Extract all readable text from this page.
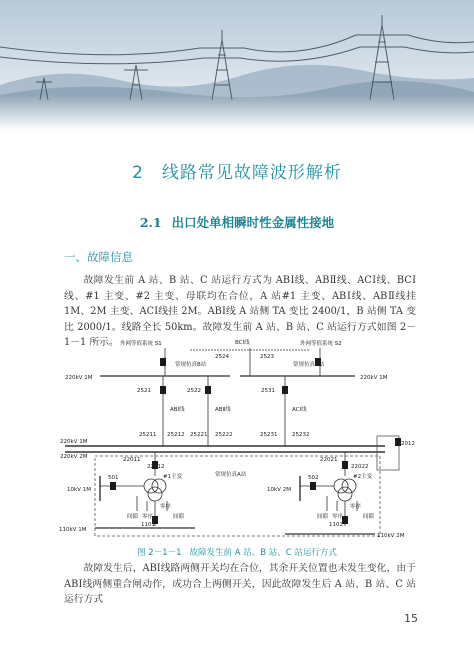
2 线路常见故障波形解析
2.1 出口处单相瞬时性金属性接地
一、故障信息
故障发生前 A 站、B 站、C 站运行方式为 ABⅠ线、ABⅡ线、ACⅠ线、BCⅠ线、#1 主变、#2 主变、母联均在合位，A 站#1 主变、ABⅠ线、ABⅡ线挂 1M、2M 主变、ACⅠ线挂 2M。ABⅠ线 A 站侧 TA 变比 2400/1，B 站侧 TA 变比 2000/1。线路全长 50km。故障发生前 A 站、B 站、C 站运行方式如图 2－1－1 所示。 外网等值系统 S1	外网等值系统 S2
BCⅠ线
常规仿真B站	常规仿真C站
2524	2523
220kV 1M	220kV 1M
2521	2522	2531
ABⅠ线	ABⅡ线	ACⅠ线
25211 25212 25221 25222	25231	25232
220kV 1M
220kV 2M
2012
22011
22012
22021
22022
常规仿真A站
10kV 1M	10kV 2M
501	502
#1主变	#2主变
间隙 零序
零序
间隙	间隙 零序
零序
间隙
1101	1102
110kV 1M
110kV 2M
图 2－1－1 故障发生前 A 站、B 站、C 站运行方式
故障发生后，ABⅠ线路两侧开关均在合位，其余开关位置也未发生变化，由于 ABⅠ线两侧重合闸动作，成功合上两侧开关，因此故障发生后 A 站、B 站、C 站运行方式
15
